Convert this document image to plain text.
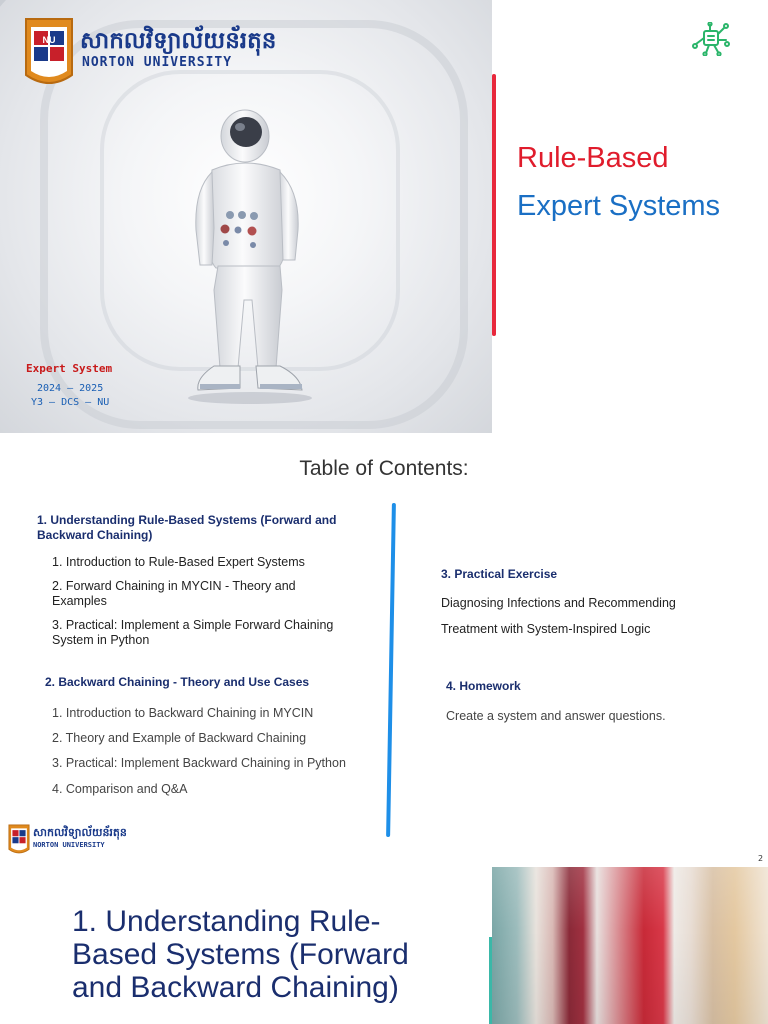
NU សាកលវិទ្យាល័យន័រតុន
NORTON UNIVERSITY
Expert System
2024 – 2025
Y3 – DCS – NU
Rule-Based
Expert Systems
Table of Contents:
1. Understanding Rule-Based Systems (Forward and
Backward Chaining)
1. Introduction to Rule-Based Expert Systems
2. Forward Chaining in MYCIN - Theory and
Examples
3. Practical: Implement a Simple Forward Chaining
System in Python
2. Backward Chaining - Theory and Use Cases
1. Introduction to Backward Chaining in MYCIN
2. Theory and Example of Backward Chaining
3. Practical: Implement Backward Chaining in Python
4. Comparison and Q&A
3. Practical Exercise
Diagnosing Infections and Recommending
Treatment with System-Inspired Logic
4. Homework
Create a system and answer questions.
សាកលវិទ្យាល័យន័រតុន
NORTON UNIVERSITY
2
1. Understanding Rule-
Based Systems (Forward
and Backward Chaining)
